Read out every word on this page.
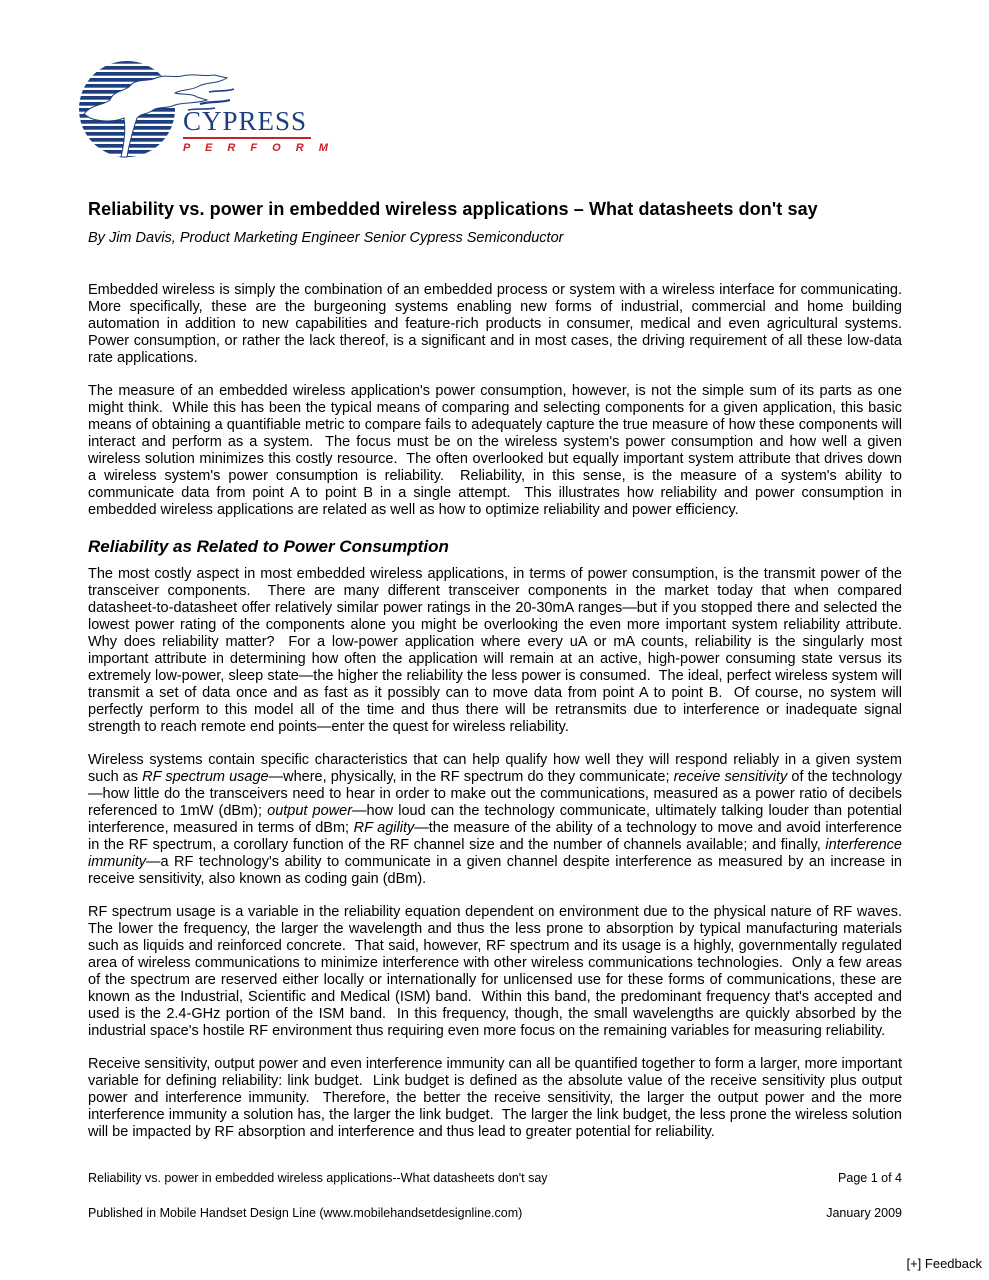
CYPRESS
P E R F O R M
Reliability vs. power in embedded wireless applications – What datasheets don't say

By Jim Davis, Product Marketing Engineer Senior Cypress Semiconductor

Embedded wireless is simply the combination of an embedded process or system with a wireless interface for communicating.  More specifically, these are the burgeoning systems enabling new forms of industrial, commercial and home building automation in addition to new capabilities and feature-rich products in consumer, medical and even agricultural systems.  Power consumption, or rather the lack thereof, is a significant and in most cases, the driving requirement of all these low-data rate applications.

The measure of an embedded wireless application's power consumption, however, is not the simple sum of its parts as one might think.  While this has been the typical means of comparing and selecting components for a given application, this basic means of obtaining a quantifiable metric to compare fails to adequately capture the true measure of how these components will interact and perform as a system.  The focus must be on the wireless system's power consumption and how well a given wireless solution minimizes this costly resource.  The often overlooked but equally important system attribute that drives down a wireless system's power consumption is reliability.  Reliability, in this sense, is the measure of a system's ability to communicate data from point A to point B in a single attempt.  This illustrates how reliability and power consumption in embedded wireless applications are related as well as how to optimize reliability and power efficiency.

Reliability as Related to Power Consumption

The most costly aspect in most embedded wireless applications, in terms of power consumption, is the transmit power of the transceiver components.  There are many different transceiver components in the market today that when compared datasheet-to-datasheet offer relatively similar power ratings in the 20-30mA ranges—but if you stopped there and selected the lowest power rating of the components alone you might be overlooking the even more important system reliability attribute.  Why does reliability matter?  For a low-power application where every uA or mA counts, reliability is the singularly most important attribute in determining how often the application will remain at an active, high-power consuming state versus its extremely low-power, sleep state—the higher the reliability the less power is consumed.  The ideal, perfect wireless system will transmit a set of data once and as fast as it possibly can to move data from point A to point B.  Of course, no system will perfectly perform to this model all of the time and thus there will be retransmits due to interference or inadequate signal strength to reach remote end points—enter the quest for wireless reliability.

Wireless systems contain specific characteristics that can help qualify how well they will respond reliably in a given system such as RF spectrum usage—where, physically, in the RF spectrum do they communicate; receive sensitivity of the technology—how little do the transceivers need to hear in order to make out the communications, measured as a power ratio of decibels referenced to 1mW (dBm); output power—how loud can the technology communicate, ultimately talking louder than potential interference, measured in terms of dBm; RF agility—the measure of the ability of a technology to move and avoid interference in the RF spectrum, a corollary function of the RF channel size and the number of channels available; and finally, interference immunity—a RF technology's ability to communicate in a given channel despite interference as measured by an increase in receive sensitivity, also known as coding gain (dBm).

RF spectrum usage is a variable in the reliability equation dependent on environment due to the physical nature of RF waves.  The lower the frequency, the larger the wavelength and thus the less prone to absorption by typical manufacturing materials such as liquids and reinforced concrete.  That said, however, RF spectrum and its usage is a highly, governmentally regulated area of wireless communications to minimize interference with other wireless communications technologies.  Only a few areas of the spectrum are reserved either locally or internationally for unlicensed use for these forms of communications, these are known as the Industrial, Scientific and Medical (ISM) band.  Within this band, the predominant frequency that's accepted and used is the 2.4-GHz portion of the ISM band.  In this frequency, though, the small wavelengths are quickly absorbed by the industrial space's hostile RF environment thus requiring even more focus on the remaining variables for measuring reliability.

Receive sensitivity, output power and even interference immunity can all be quantified together to form a larger, more important variable for defining reliability: link budget.  Link budget is defined as the absolute value of the receive sensitivity plus output power and interference immunity.  Therefore, the better the receive sensitivity, the larger the output power and the more interference immunity a solution has, the larger the link budget.  The larger the link budget, the less prone the wireless solution will be impacted by RF absorption and interference and thus lead to greater potential for reliability.

Reliability vs. power in embedded wireless applications--What datasheets don't say	Page 1 of 4
Published in Mobile Handset Design Line (www.mobilehandsetdesignline.com)	January 2009
[+] Feedback
